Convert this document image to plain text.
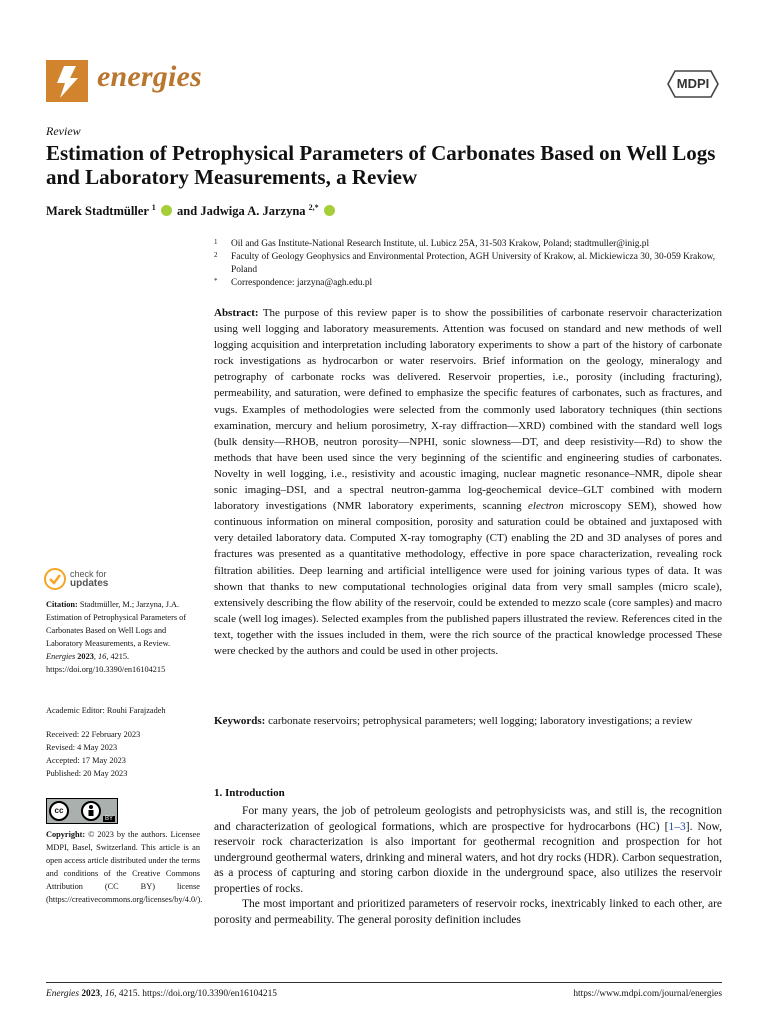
energies	MDPI
Review
Estimation of Petrophysical Parameters of Carbonates Based on Well Logs and Laboratory Measurements, a Review
Marek Stadtmüller $^1$ and Jadwiga A. Jarzyna $^{2,*}$
1 Oil and Gas Institute-National Research Institute, ul. Lubicz 25A, 31-503 Krakow, Poland; stadtmuller@inig.pl
2 Faculty of Geology Geophysics and Environmental Protection, AGH University of Krakow, al. Mickiewicza 30, 30-059 Krakow, Poland
* Correspondence: jarzyna@agh.edu.pl
Abstract: The purpose of this review paper is to show the possibilities of carbonate reservoir characterization using well logging and laboratory measurements. Attention was focused on standard and new methods of well logging acquisition and interpretation including laboratory experiments to show a part of the history of carbonate rock investigations as hydrocarbon or water reservoirs. Brief information on the geology, mineralogy and petrography of carbonate rocks was delivered. Reservoir properties, i.e., porosity (including fracturing), permeability, and saturation, were defined to emphasize the specific features of carbonates, such as fractures, and vugs. Examples of methodologies were selected from the commonly used laboratory techniques (thin sections examination, mercury and helium porosimetry, X-ray diffraction—XRD) combined with the standard well logs (bulk density—RHOB, neutron porosity—NPHI, sonic slowness—DT, and deep resistivity—Rd) to show the methods that have been used since the very beginning of the scientific and engineering studies of carbonates. Novelty in well logging, i.e., resistivity and acoustic imaging, nuclear magnetic resonance–NMR, dipole shear sonic imaging–DSI, and a spectral neutron-gamma log-geochemical device–GLT combined with modern laboratory investigations (NMR laboratory experiments, scanning electron microscopy SEM), showed how continuous information on mineral composition, porosity and saturation could be obtained and juxtaposed with very detailed laboratory data. Computed X-ray tomography (CT) enabling the 2D and 3D analyses of pores and fractures was presented as a quantitative methodology, effective in pore space characterization, revealing rock filtration abilities. Deep learning and artificial intelligence were used for joining various types of data. It was shown that thanks to new computational technologies original data from very small samples (micro scale), extensively describing the flow ability of the reservoir, could be extended to mezzo scale (core samples) and macro scale (well log images). Selected examples from the published papers illustrated the review. References cited in the text, together with the issues included in them, were the rich source of the practical knowledge processed These were checked by the authors and could be used in other projects.
Keywords: carbonate reservoirs; petrophysical parameters; well logging; laboratory investigations; a review
1. Introduction

For many years, the job of petroleum geologists and petrophysicists was, and still is, the recognition and characterization of geological formations, which are prospective for hydrocarbons (HC) [1–3]. Now, reservoir rock characterization is also important for geothermal recognition and prospection for hot underground geothermal waters, drinking and mineral waters, and hot dry rocks (HDR). Carbon sequestration, as a process of capturing and storing carbon dioxide in the underground space, also utilizes the reservoir properties of rocks.

The most important and prioritized parameters of reservoir rocks, inextricably linked to each other, are porosity and permeability. The general porosity definition includes

check for
updates
Citation: Stadtmüller, M.; Jarzyna, J.A. Estimation of Petrophysical Parameters of Carbonates Based on Well Logs and Laboratory Measurements, a Review. Energies 2023, 16, 4215. https://doi.org/10.3390/en16104215
Academic Editor: Rouhi Farajzadeh
Received: 22 February 2023
Revised: 4 May 2023
Accepted: 17 May 2023
Published: 20 May 2023
cc
BY
Copyright: © 2023 by the authors. Licensee MDPI, Basel, Switzerland. This article is an open access article distributed under the terms and conditions of the Creative Commons Attribution (CC BY) license (https://creativecommons.org/licenses/by/4.0/).
Energies 2023, 16, 4215. https://doi.org/10.3390/en16104215	https://www.mdpi.com/journal/energies
